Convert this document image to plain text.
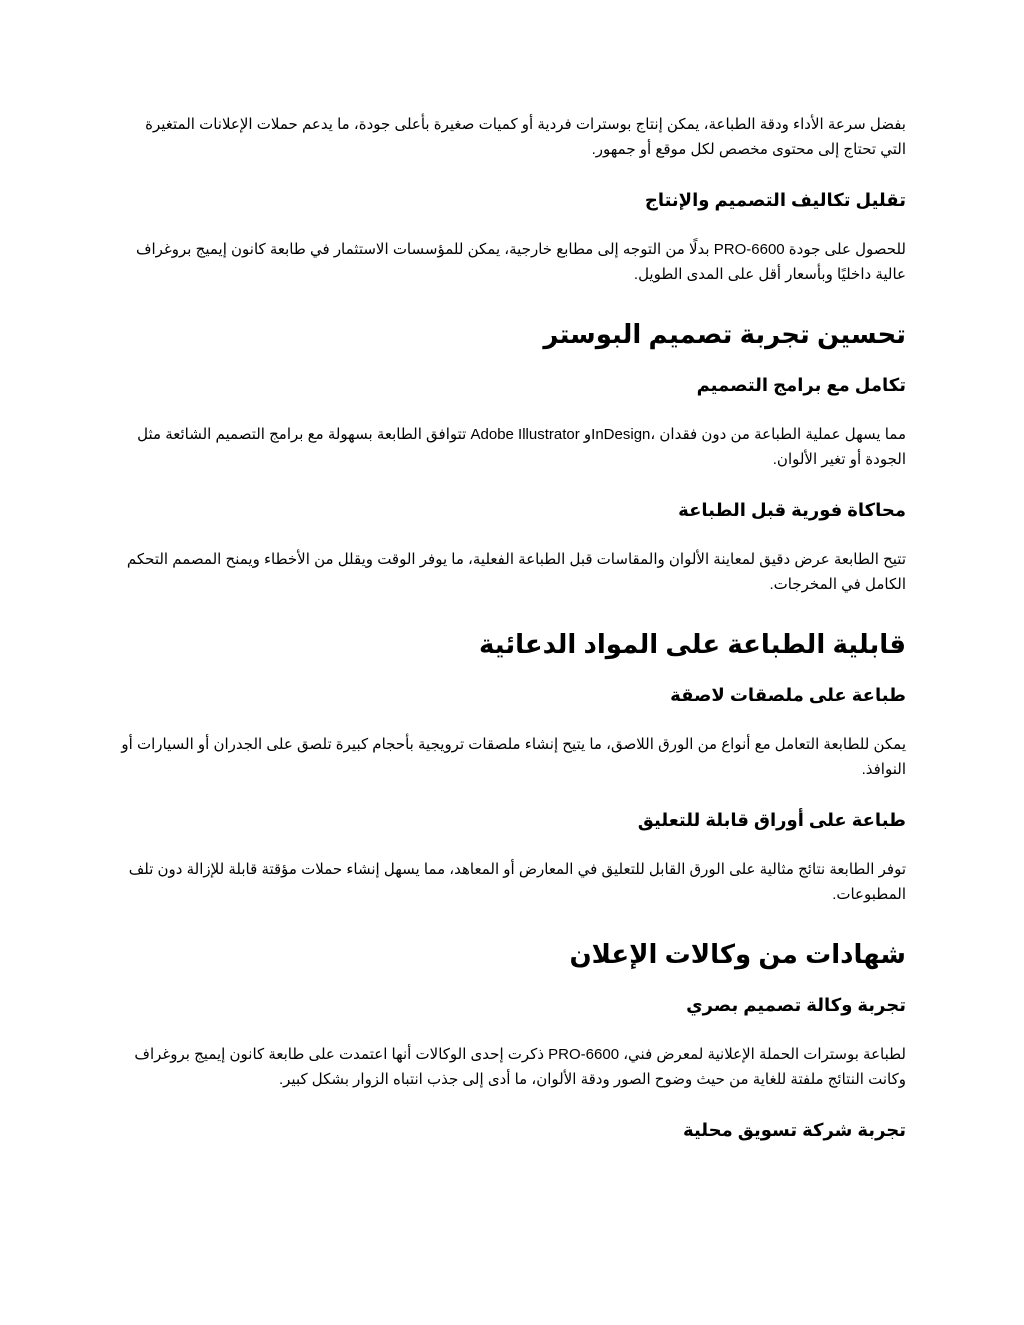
بفضل سرعة الأداء ودقة الطباعة، يمكن إنتاج بوسترات فردية أو كميات صغيرة بأعلى جودة، ما يدعم حملات الإعلانات المتغيرة التي تحتاج إلى محتوى مخصص لكل موقع أو جمهور.

تقليل تكاليف التصميم والإنتاج

للحصول على جودة PRO-6600 بدلًا من التوجه إلى مطابع خارجية، يمكن للمؤسسات الاستثمار في طابعة كانون إيميج بروغراف عالية داخليًا وبأسعار أقل على المدى الطويل.

تحسين تجربة تصميم البوستر
تكامل مع برامج التصميم

مما يسهل عملية الطباعة من دون فقدان ،InDesignو Adobe Illustrator تتوافق الطابعة بسهولة مع برامج التصميم الشائعة مثل الجودة أو تغير الألوان.

محاكاة فورية قبل الطباعة

تتيح الطابعة عرض دقيق لمعاينة الألوان والمقاسات قبل الطباعة الفعلية، ما يوفر الوقت ويقلل من الأخطاء ويمنح المصمم التحكم الكامل في المخرجات.

قابلية الطباعة على المواد الدعائية
طباعة على ملصقات لاصقة

يمكن للطابعة التعامل مع أنواع من الورق اللاصق، ما يتيح إنشاء ملصقات ترويجية بأحجام كبيرة تلصق على الجدران أو السيارات أو النوافذ.

طباعة على أوراق قابلة للتعليق

توفر الطابعة نتائج مثالية على الورق القابل للتعليق في المعارض أو المعاهد، مما يسهل إنشاء حملات مؤقتة قابلة للإزالة دون تلف المطبوعات.

شهادات من وكالات الإعلان
تجربة وكالة تصميم بصري

لطباعة بوسترات الحملة الإعلانية لمعرض فني، PRO-6600 ذكرت إحدى الوكالات أنها اعتمدت على طابعة كانون إيميج بروغراف وكانت النتائج ملفتة للغاية من حيث وضوح الصور ودقة الألوان، ما أدى إلى جذب انتباه الزوار بشكل كبير.

تجربة شركة تسويق محلية
